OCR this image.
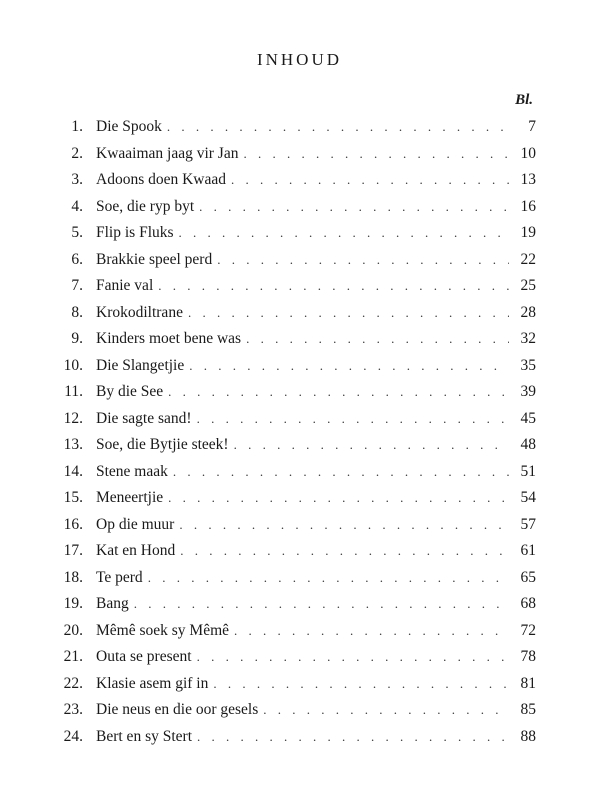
INHOUD
Bl.
1. Die Spook . . .	7
2. Kwaaiman jaag vir Jan . . .	10
3. Adoons doen Kwaad . . .	13
4. Soe, die ryp byt . . .	16
5. Flip is Fluks . . .	19
6. Brakkie speel perd . . .	22
7. Fanie val . . .	25
8. Krokodiltrane . . .	28
9. Kinders moet bene was . . .	32
10. Die Slangetjie . . .	35
11. By die See . . .	39
12. Die sagte sand! . . .	45
13. Soe, die Bytjie steek! . . .	48
14. Stene maak . . .	51
15. Meneertjie . . .	54
16. Op die muur . . .	57
17. Kat en Hond . . .	61
18. Te perd . . .	65
19. Bang . . .	68
20. Mêmê soek sy Mêmê . . .	72
21. Outa se present . . .	78
22. Klasie asem gif in . . .	81
23. Die neus en die oor gesels . . .	85
24. Bert en sy Stert . . .	88
